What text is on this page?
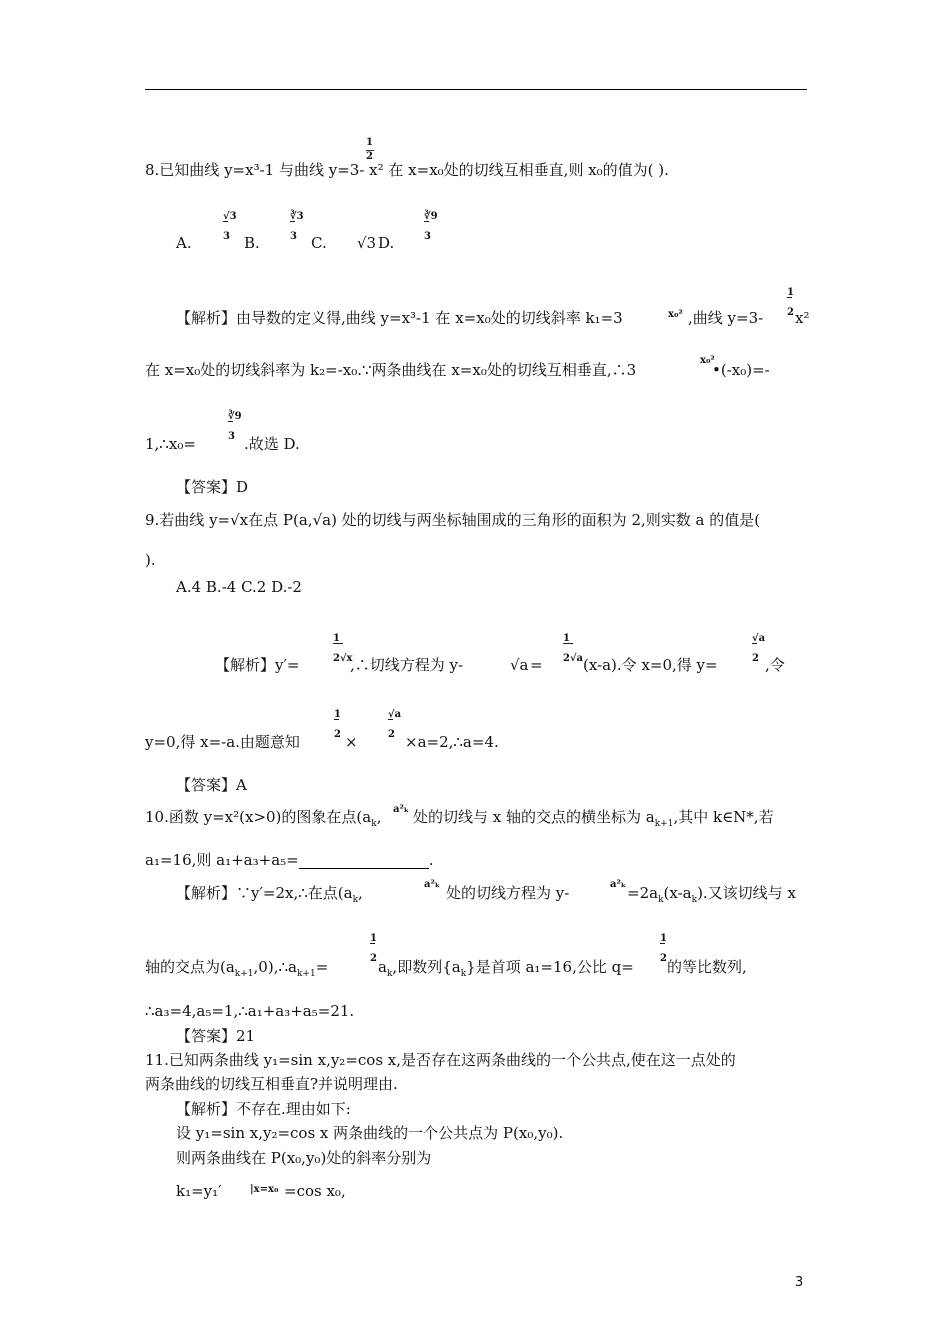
1
2
8.已知曲线 y=x³-1 与曲线 y=3- x² 在 x=x₀处的切线互相垂直,则 x₀的值为( ).
A.
√3
‾
3 B.
∛3
‾
3 C. √3 D.
∛9
‾
3
【解析】由导数的定义得,曲线 y=x³-1 在 x=x₀处的切线斜率 k₁=3	x₀² ,曲线 y=3-
1
‾
2 x²
在 x=x₀处的切线斜率为 k₂=-x₀.∵两条曲线在 x=x₀处的切线互相垂直,∴3
x₀²
•(-x₀)=-
1,∴x₀=
∛9
‾
3 .故选 D.
【答案】D
9.若曲线 y=√x在点 P(a,√a) 处的切线与两坐标轴围成的三角形的面积为 2,则实数 a 的值是(
).
A.4 B.-4 C.2 D.-2
【解析】y′=
1
‾‾
2√x
,∴切线方程为 y-	√a =
1
‾‾
2√a (x-a).令 x=0,得 y=
√a
‾
2 ,令
y=0,得 x=-a.由题意知
1
‾
2 ×
√a
‾
2 ×a=2,∴a=4.
【答案】A
10.函数 y=x²(x>0)的图象在点($a_k$, a²ₖ 处的切线与 x 轴的交点的横坐标为 $a_{k+1}$,其中 k∈N*,若
a₁=16,则 a₁+a₃+a₅=	.
【解析】∵y′=2x,∴在点($a_k$,	a²ₖ 处的切线方程为 y-	$a^2_k =2a_k(x-a_k)$.又该切线与 x
轴的交点为$(a_{k+1},0),\therefore a_{k+1}=$
1
‾
2 $a_k$,即数列$\{a_k\}$是首项 a₁=16,公比 q=
1
‾
2 的等比数列,
∴a₃=4,a₅=1,∴a₁+a₃+a₅=21.
【答案】21
11.已知两条曲线 y₁=sin x,y₂=cos x,是否存在这两条曲线的一个公共点,使在这一点处的
两条曲线的切线互相垂直?并说明理由.
【解析】不存在.理由如下:
设 y₁=sin x,y₂=cos x 两条曲线的一个公共点为 P(x₀,y₀).
则两条曲线在 P(x₀,y₀)处的斜率分别为
k₁=y₁′	|x=x₀ =cos x₀,
3
